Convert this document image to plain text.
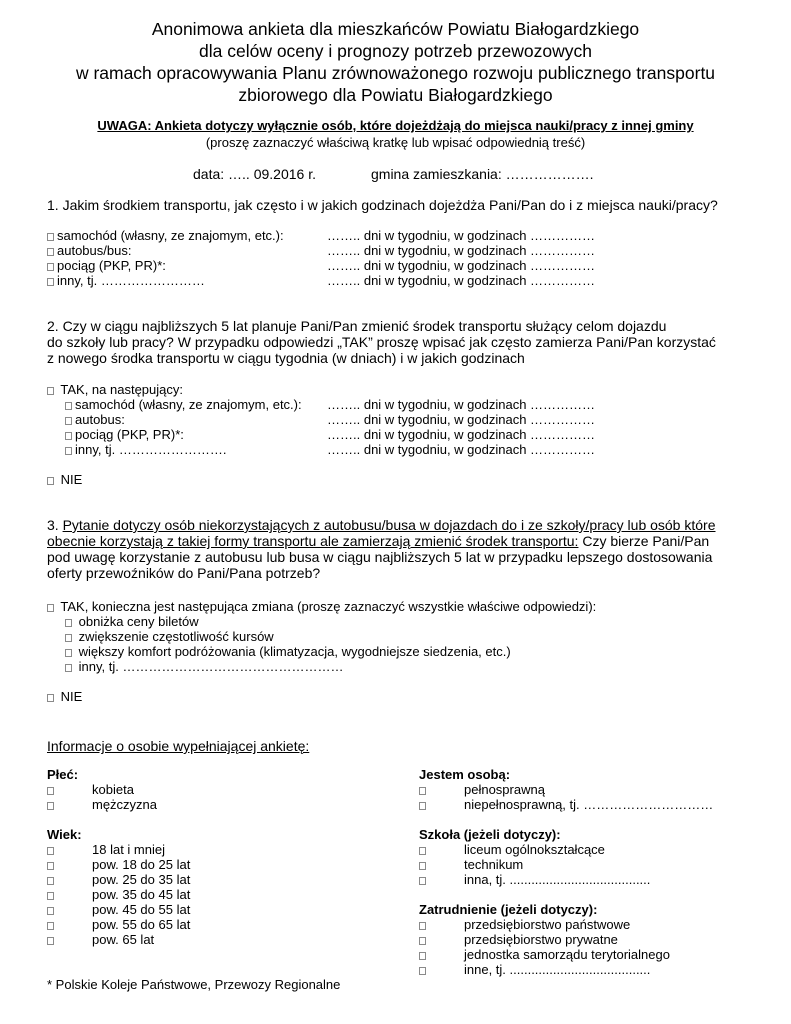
Anonimowa ankieta dla mieszkańców Powiatu Białogardzkiego
dla celów oceny i prognozy potrzeb przewozowych
w ramach opracowywania Planu zrównoważonego rozwoju publicznego transportu
zbiorowego dla Powiatu Białogardzkiego
UWAGA: Ankieta dotyczy wyłącznie osób, które dojeżdżają do miejsca nauki/pracy z innej gminy
(proszę zaznaczyć właściwą kratkę lub wpisać odpowiednią treść)
data: ….. 09.2016 r.	gmina zamieszkania: ……………….
1. Jakim środkiem transportu, jak często i w jakich godzinach dojeżdża Pani/Pan do i z miejsca nauki/pracy?
samochód (własny, ze znajomym, etc.):	…….. dni w tygodniu, w godzinach ……………
autobus/bus:	…….. dni w tygodniu, w godzinach ……………
pociąg (PKP, PR)*:	…….. dni w tygodniu, w godzinach ……………
inny, tj. ……………………	…….. dni w tygodniu, w godzinach ……………
2. Czy w ciągu najbliższych 5 lat planuje Pani/Pan zmienić środek transportu służący celom dojazdu
do szkoły lub pracy? W przypadku odpowiedzi „TAK” proszę wpisać jak często zamierza Pani/Pan korzystać
z nowego środka transportu w ciągu tygodnia (w dniach) i w jakich godzinach
TAK, na następujący:
samochód (własny, ze znajomym, etc.): …….. dni w tygodniu, w godzinach ……………
autobus:	…….. dni w tygodniu, w godzinach ……………
pociąg (PKP, PR)*:	…….. dni w tygodniu, w godzinach ……………
inny, tj. …………………….	…….. dni w tygodniu, w godzinach ……………
NIE
3. Pytanie dotyczy osób niekorzystających z autobusu/busa w dojazdach do i ze szkoły/pracy lub osób które
obecnie korzystają z takiej formy transportu ale zamierzają zmienić środek transportu: Czy bierze Pani/Pan
pod uwagę korzystanie z autobusu lub busa w ciągu najbliższych 5 lat w przypadku lepszego dostosowania
oferty przewoźników do Pani/Pana potrzeb?
TAK, konieczna jest następująca zmiana (proszę zaznaczyć wszystkie właściwe odpowiedzi):
obniżka ceny biletów
zwiększenie częstotliwość kursów
większy komfort podróżowania (klimatyzacja, wygodniejsze siedzenia, etc.)
inny, tj. ……………………………………………
NIE
Informacje o osobie wypełniającej ankietę:
Płeć:
kobieta
mężczyzna
Wiek:
18 lat i mniej
pow. 18 do 25 lat
pow. 25 do 35 lat
pow. 35 do 45 lat
pow. 45 do 55 lat
pow. 55 do 65 lat
pow. 65 lat
Jestem osobą:
pełnosprawną
niepełnosprawną, tj. …………………………
Szkoła (jeżeli dotyczy):
liceum ogólnokształcące
technikum
inna, tj. .......................................
Zatrudnienie (jeżeli dotyczy):
przedsiębiorstwo państwowe
przedsiębiorstwo prywatne
jednostka samorządu terytorialnego
inne, tj. .......................................
* Polskie Koleje Państwowe, Przewozy Regionalne
